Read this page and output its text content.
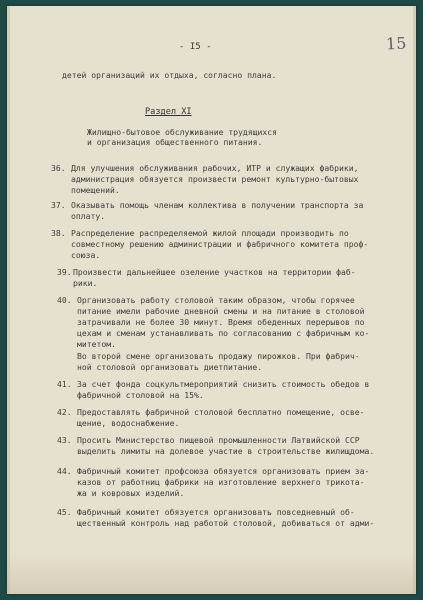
- I5 -	15

детей организаций их отдыха, согласно плана.

Раздел XI

Жилищно-бытовое обслуживание трудящихся

и организация общественного питания.

36. Для улучшения обслуживания рабочих, ИТР и служащих фабрики,

администрация обязуется произвести ремонт культурно-бытовых

помещений.

37. Оказывать помощь членам коллектива в получении транспорта за

оплату.

38. Распределение распределяемой жилой площади производить по

совместному решению администрации и фабричного комитета проф-

союза.

39. Произвести дальнейшее озеление участков на территории фаб-

рики.

40. Организовать работу столовой таким образом, чтобы горячее

питание имели рабочие дневной смены и на питание в столовой

затрачивали не более 30 минут. Время обеденных перерывов по

цехам и сменам устанавливать по согласованию с фабричным ко-

митетом.

Во второй смене организовать продажу пирожков. При фабрич-

ной столовой организовать диетпитание.

41. За счет фонда соцкультмероприятий снизить стоимость обедов в

фабричной столовой на 15%.

42. Предоставлять фабричной столовой бесплатно помещение, осве-

щение, водоснабжение.

43. Просить Министерство пищевой промышленности Латвийской ССР

выделить лимиты на долевое участие в строительстве жилищдома.

44. Фабричный комитет профсоюза обязуется организовать прием за-

казов от работниц фабрики на изготовление верхнего трикота-

жа и ковровых изделий.

45. Фабричный комитет обязуется организовать повседневный об-

щественный контроль над работой столовой, добиваться от адми-
